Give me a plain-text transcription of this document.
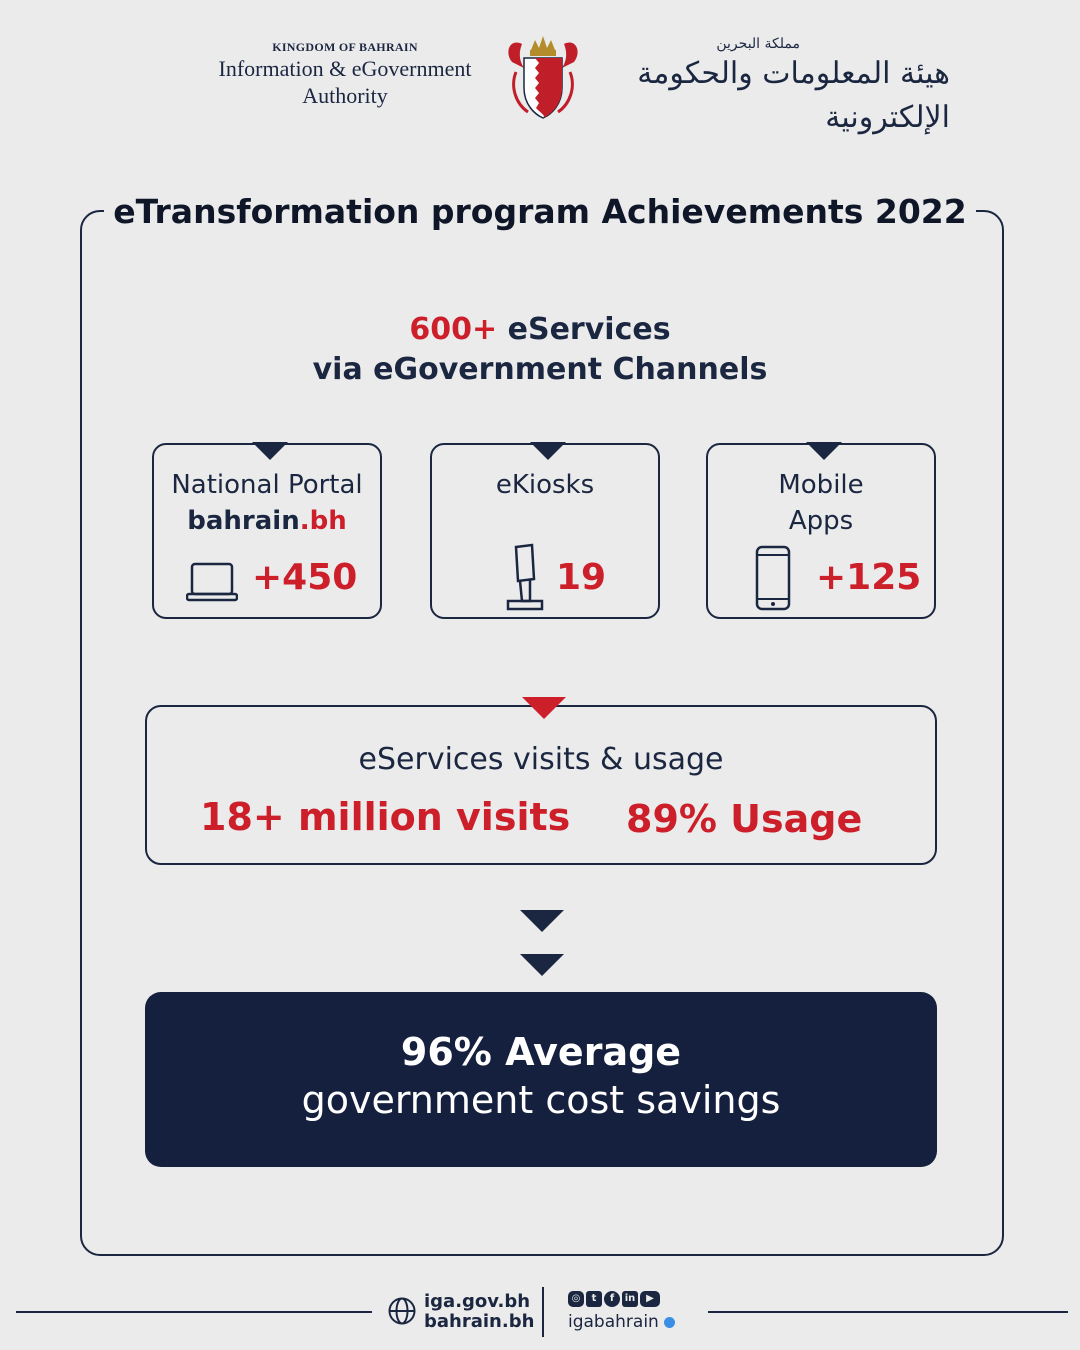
KINGDOM OF BAHRAIN
Information & eGovernment
Authority
مملكة البحرين
هيئة المعلومات والحكومة الإلكترونية
eTransformation program Achievements 2022
600+ eServices
via eGovernment Channels
National Portal
bahrain.bh
+450
eKiosks
19
Mobile
Apps
+125
eServices visits & usage
18+ million visits 89% Usage
96% Average
government cost savings
iga.gov.bh
bahrain.bh
◎ t f in ▶
igabahrain
